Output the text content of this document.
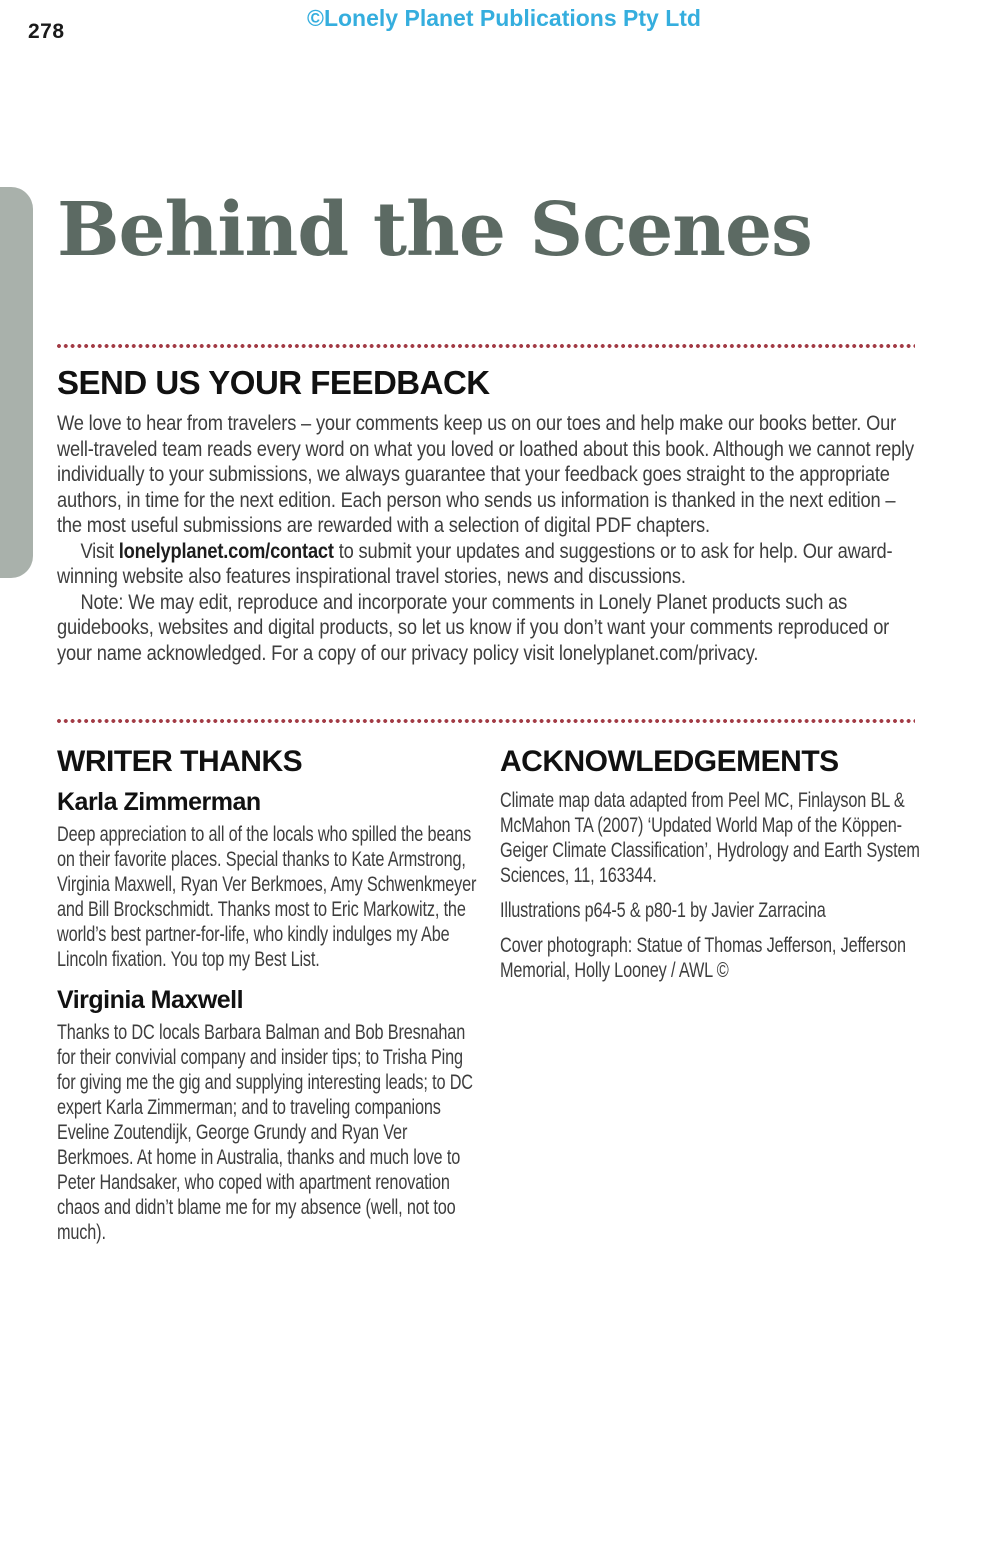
278
©Lonely Planet Publications Pty Ltd
Behind the Scenes
SEND US YOUR FEEDBACK

We love to hear from travelers – your comments keep us on our toes and help make our books better. Our well-traveled team reads every word on what you loved or loathed about this book. Although we cannot reply individually to your submissions, we always guarantee that your feedback goes straight to the appropriate authors, in time for the next edition. Each person who sends us information is thanked in the next edition – the most useful submissions are rewarded with a selection of digital PDF chapters.

Visit lonelyplanet.com/contact to submit your updates and suggestions or to ask for help. Our award-winning website also features inspirational travel stories, news and discussions.

Note: We may edit, reproduce and incorporate your comments in Lonely Planet products such as guidebooks, websites and digital products, so let us know if you don’t want your comments reproduced or your name acknowledged. For a copy of our privacy policy visit lonelyplanet.com/privacy.

WRITER THANKS
Karla Zimmerman

Deep appreciation to all of the locals who spilled the beans on their favorite places. Special thanks to Kate Armstrong, Virginia Maxwell, Ryan Ver Berkmoes, Amy Schwenkmeyer and Bill Brockschmidt. Thanks most to Eric Markowitz, the world’s best partner-for-life, who kindly indulges my Abe Lincoln fixation. You top my Best List.

Virginia Maxwell

Thanks to DC locals Barbara Balman and Bob Bresnahan for their convivial company and insider tips; to Trisha Ping for giving me the gig and supplying interesting leads; to DC expert Karla Zimmerman; and to traveling companions Eveline Zoutendijk, George Grundy and Ryan Ver Berkmoes. At home in Australia, thanks and much love to Peter Handsaker, who coped with apartment renovation chaos and didn’t blame me for my absence (well, not too much).

ACKNOWLEDGEMENTS

Climate map data adapted from Peel MC, Finlayson BL & McMahon TA (2007) ‘Updated World Map of the Köppen-Geiger Climate Classification’, Hydrology and Earth System Sciences, 11, 163344.

Illustrations p64-5 & p80-1 by Javier Zarracina

Cover photograph: Statue of Thomas Jefferson, Jefferson Memorial, Holly Looney / AWL ©
